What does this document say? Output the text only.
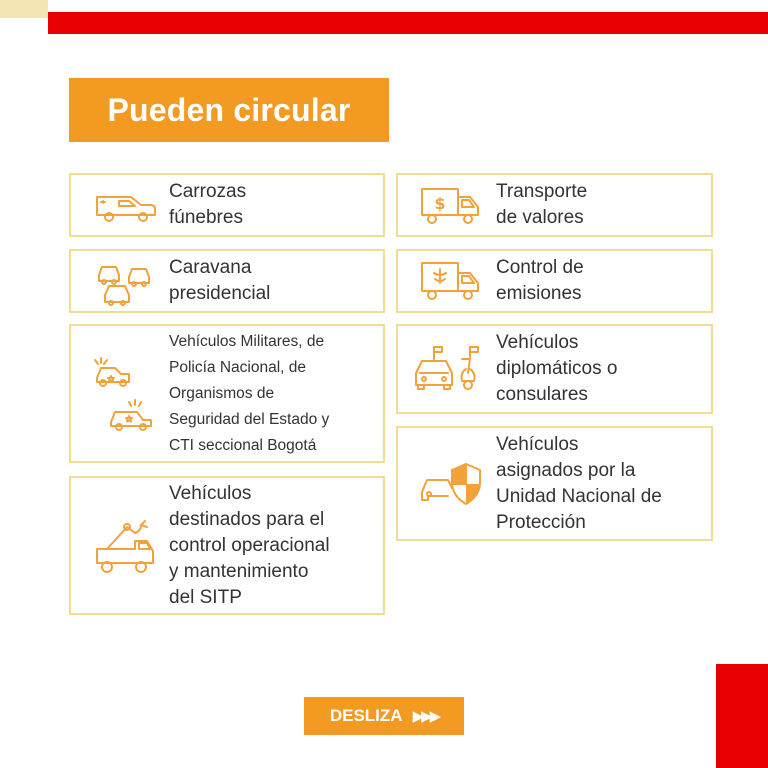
Pueden circular
Carrozas
fúnebres
Caravana
presidencial
Vehículos Militares, de
Policía Nacional, de
Organismos de
Seguridad del Estado y
CTI seccional Bogotá
Vehículos
destinados para el
control operacional
y mantenimiento
del SITP
$
Transporte
de valores
Control de
emisiones
Vehículos
diplomáticos o
consulares
Vehículos
asignados por la
Unidad Nacional de
Protección
DESLIZA ▶▶▶
